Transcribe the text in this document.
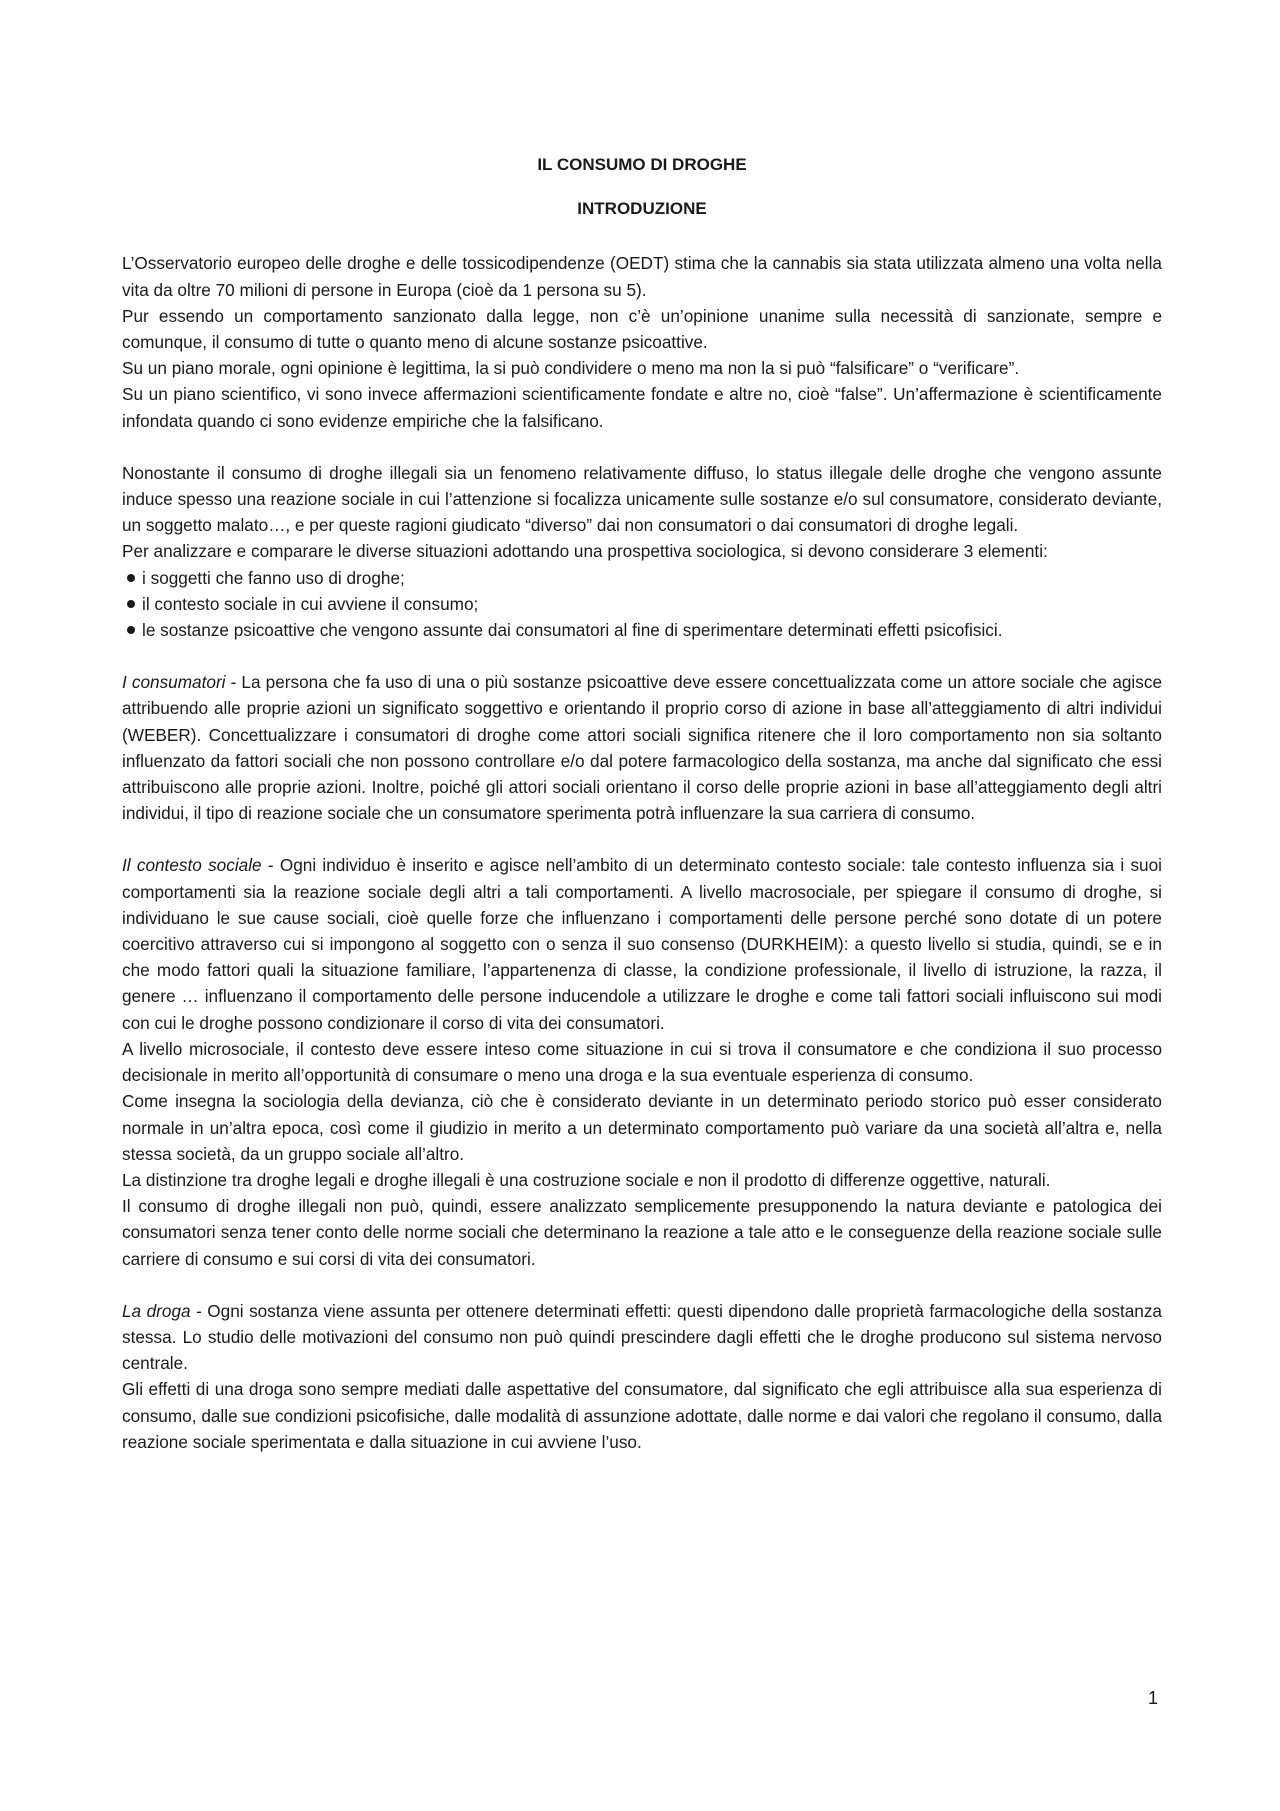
IL CONSUMO DI DROGHE

INTRODUZIONE

L’Osservatorio europeo delle droghe e delle tossicodipendenze (OEDT) stima che la cannabis sia stata utilizzata almeno una volta nella vita da oltre 70 milioni di persone in Europa (cioè da 1 persona su 5).

Pur essendo un comportamento sanzionato dalla legge, non c’è un’opinione unanime sulla necessità di sanzionate, sempre e comunque, il consumo di tutte o quanto meno di alcune sostanze psicoattive.

Su un piano morale, ogni opinione è legittima, la si può condividere o meno ma non la si può “falsificare” o “verificare”.

Su un piano scientifico, vi sono invece affermazioni scientificamente fondate e altre no, cioè “false”. Un’affermazione è scientificamente infondata quando ci sono evidenze empiriche che la falsificano.

Nonostante il consumo di droghe illegali sia un fenomeno relativamente diffuso, lo status illegale delle droghe che vengono assunte induce spesso una reazione sociale in cui l’attenzione si focalizza unicamente sulle sostanze e/o sul consumatore, considerato deviante, un soggetto malato…, e per queste ragioni giudicato “diverso” dai non consumatori o dai consumatori di droghe legali.

Per analizzare e comparare le diverse situazioni adottando una prospettiva sociologica, si devono considerare 3 elementi:

i soggetti che fanno uso di droghe;
il contesto sociale in cui avviene il consumo;
le sostanze psicoattive che vengono assunte dai consumatori al fine di sperimentare determinati effetti psicofisici.

I consumatori - La persona che fa uso di una o più sostanze psicoattive deve essere concettualizzata come un attore sociale che agisce attribuendo alle proprie azioni un significato soggettivo e orientando il proprio corso di azione in base all’atteggiamento di altri individui (WEBER). Concettualizzare i consumatori di droghe come attori sociali significa ritenere che il loro comportamento non sia soltanto influenzato da fattori sociali che non possono controllare e/o dal potere farmacologico della sostanza, ma anche dal significato che essi attribuiscono alle proprie azioni. Inoltre, poiché gli attori sociali orientano il corso delle proprie azioni in base all’atteggiamento degli altri individui, il tipo di reazione sociale che un consumatore sperimenta potrà influenzare la sua carriera di consumo.

Il contesto sociale - Ogni individuo è inserito e agisce nell’ambito di un determinato contesto sociale: tale contesto influenza sia i suoi comportamenti sia la reazione sociale degli altri a tali comportamenti. A livello macrosociale, per spiegare il consumo di droghe, si individuano le sue cause sociali, cioè quelle forze che influenzano i comportamenti delle persone perché sono dotate di un potere coercitivo attraverso cui si impongono al soggetto con o senza il suo consenso (DURKHEIM): a questo livello si studia, quindi, se e in che modo fattori quali la situazione familiare, l’appartenenza di classe, la condizione professionale, il livello di istruzione, la razza, il genere … influenzano il comportamento delle persone inducendole a utilizzare le droghe e come tali fattori sociali influiscono sui modi con cui le droghe possono condizionare il corso di vita dei consumatori.

A livello microsociale, il contesto deve essere inteso come situazione in cui si trova il consumatore e che condiziona il suo processo decisionale in merito all’opportunità di consumare o meno una droga e la sua eventuale esperienza di consumo.

Come insegna la sociologia della devianza, ciò che è considerato deviante in un determinato periodo storico può esser considerato normale in un’altra epoca, così come il giudizio in merito a un determinato comportamento può variare da una società all’altra e, nella stessa società, da un gruppo sociale all’altro.

La distinzione tra droghe legali e droghe illegali è una costruzione sociale e non il prodotto di differenze oggettive, naturali.

Il consumo di droghe illegali non può, quindi, essere analizzato semplicemente presupponendo la natura deviante e patologica dei consumatori senza tener conto delle norme sociali che determinano la reazione a tale atto e le conseguenze della reazione sociale sulle carriere di consumo e sui corsi di vita dei consumatori.

La droga - Ogni sostanza viene assunta per ottenere determinati effetti: questi dipendono dalle proprietà farmacologiche della sostanza stessa. Lo studio delle motivazioni del consumo non può quindi prescindere dagli effetti che le droghe producono sul sistema nervoso centrale.

Gli effetti di una droga sono sempre mediati dalle aspettative del consumatore, dal significato che egli attribuisce alla sua esperienza di consumo, dalle sue condizioni psicofisiche, dalle modalità di assunzione adottate, dalle norme e dai valori che regolano il consumo, dalla reazione sociale sperimentata e dalla situazione in cui avviene l’uso.

1
